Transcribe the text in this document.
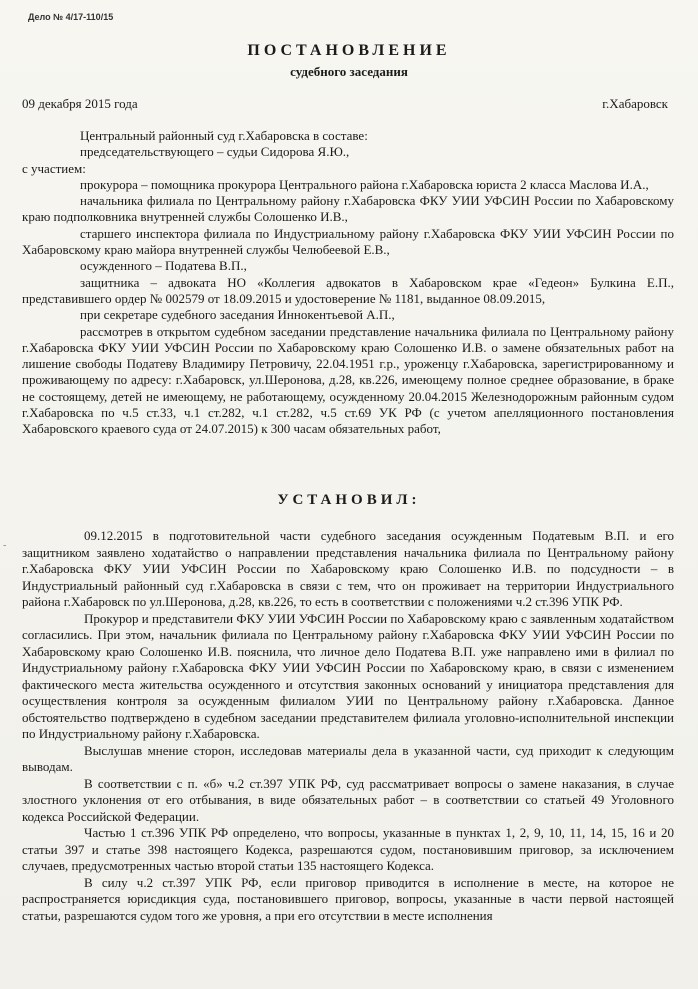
Дело № 4/17-110/15
ПОСТАНОВЛЕНИЕ
судебного заседания
09 декабря 2015 года	г.Хабаровск

Центральный районный суд г.Хабаровска в составе:

председательствующего – судьи Сидорова Я.Ю.,

с участием:

прокурора – помощника прокурора Центрального района г.Хабаровска юриста 2 класса Маслова И.А.,

начальника филиала по Центральному району г.Хабаровска ФКУ УИИ УФСИН России по Хабаровскому краю подполковника внутренней службы Солошенко И.В.,

старшего инспектора филиала по Индустриальному району г.Хабаровска ФКУ УИИ УФСИН России по Хабаровскому краю майора внутренней службы Челюбеевой Е.В.,

осужденного – Податева В.П.,

защитника – адвоката НО «Коллегия адвокатов в Хабаровском крае «Гедеон» Булкина Е.П., представившего ордер № 002579 от 18.09.2015 и удостоверение № 1181, выданное 08.09.2015,

при секретаре судебного заседания Иннокентьевой А.П.,

рассмотрев в открытом судебном заседании представление начальника филиала по Центральному району г.Хабаровска ФКУ УИИ УФСИН России по Хабаровскому краю Солошенко И.В. о замене обязательных работ на лишение свободы Податеву Владимиру Петровичу, 22.04.1951 г.р., уроженцу г.Хабаровска, зарегистрированному и проживающему по адресу: г.Хабаровск, ул.Шеронова, д.28, кв.226, имеющему полное среднее образование, в браке не состоящему, детей не имеющему, не работающему, осужденному 20.04.2015 Железнодорожным районным судом г.Хабаровска по ч.5 ст.33, ч.1 ст.282, ч.1 ст.282, ч.5 ст.69 УК РФ (с учетом апелляционного постановления Хабаровского краевого суда от 24.07.2015) к 300 часам обязательных работ,

УСТАНОВИЛ:
-

09.12.2015 в подготовительной части судебного заседания осужденным Податевым В.П. и его защитником заявлено ходатайство о направлении представления начальника филиала по Центральному району г.Хабаровска ФКУ УИИ УФСИН России по Хабаровскому краю Солошенко И.В. по подсудности – в Индустриальный районный суд г.Хабаровска в связи с тем, что он проживает на территории Индустриального района г.Хабаровск по ул.Шеронова, д.28, кв.226, то есть в соответствии с положениями ч.2 ст.396 УПК РФ.

Прокурор и представители ФКУ УИИ УФСИН России по Хабаровскому краю с заявленным ходатайством согласились. При этом, начальник филиала по Центральному району г.Хабаровска ФКУ УИИ УФСИН России по Хабаровскому краю Солошенко И.В. пояснила, что личное дело Податева В.П. уже направлено ими в филиал по Индустриальному району г.Хабаровска ФКУ УИИ УФСИН России по Хабаровскому краю, в связи с изменением фактического места жительства осужденного и отсутствия законных оснований у инициатора представления для осуществления контроля за осужденным филиалом УИИ по Центральному району г.Хабаровска. Данное обстоятельство подтверждено в судебном заседании представителем филиала уголовно-исполнительной инспекции по Индустриальному району г.Хабаровска.

Выслушав мнение сторон, исследовав материалы дела в указанной части, суд приходит к следующим выводам.

В соответствии с п. «б» ч.2 ст.397 УПК РФ, суд рассматривает вопросы о замене наказания, в случае злостного уклонения от его отбывания, в виде обязательных работ – в соответствии со статьей 49 Уголовного кодекса Российской Федерации.

Частью 1 ст.396 УПК РФ определено, что вопросы, указанные в пунктах 1, 2, 9, 10, 11, 14, 15, 16 и 20 статьи 397 и статье 398 настоящего Кодекса, разрешаются судом, постановившим приговор, за исключением случаев, предусмотренных частью второй статьи 135 настоящего Кодекса.

В силу ч.2 ст.397 УПК РФ, если приговор приводится в исполнение в месте, на которое не распространяется юрисдикция суда, постановившего приговор, вопросы, указанные в части первой настоящей статьи, разрешаются судом того же уровня, а при его отсутствии в месте исполнения
